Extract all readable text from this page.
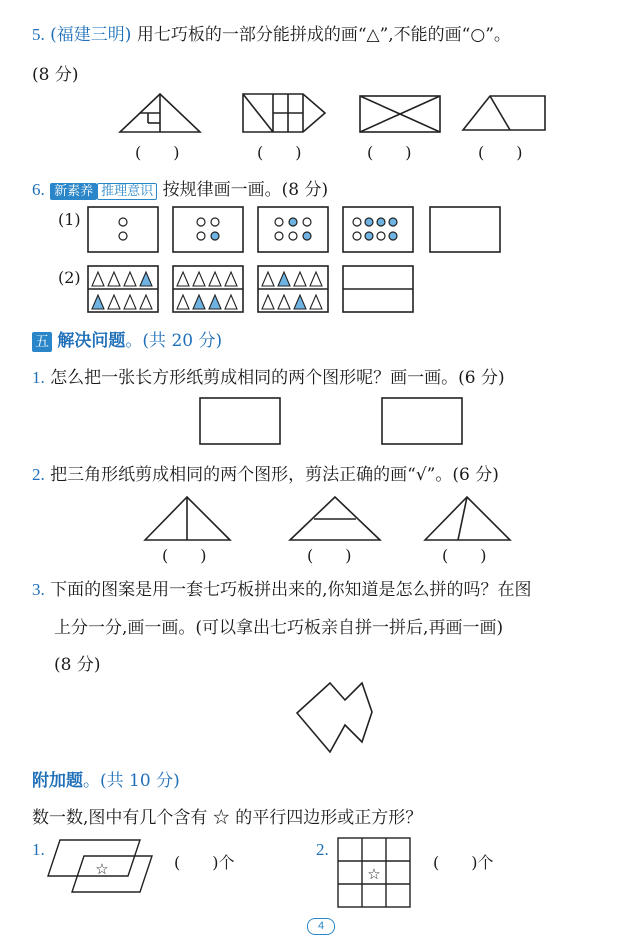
5. (福建三明) 用七巧板的一部分能拼成的画“△”,不能的画“○”。
(8 分)
(　　)	(　　)	(　　)	(　　)
6. 新素养 推理意识 按规律画一画。(8 分)
(1)
(2)
五 解决问题。(共 20 分)
1. 怎么把一张长方形纸剪成相同的两个图形呢？画一画。(6 分)
2. 把三角形纸剪成相同的两个图形，剪法正确的画“√”。(6 分)
(　　)	(　　)	(　　)
3. 下面的图案是用一套七巧板拼出来的,你知道是怎么拼的吗？在图
上分一分,画一画。(可以拿出七巧板亲自拼一拼后,再画一画)
(8 分)
附加题。(共 10 分)
数一数,图中有几个含有 ☆ 的平行四边形或正方形？
1.
☆	(　　)个
2.
☆
(　　)个
4
